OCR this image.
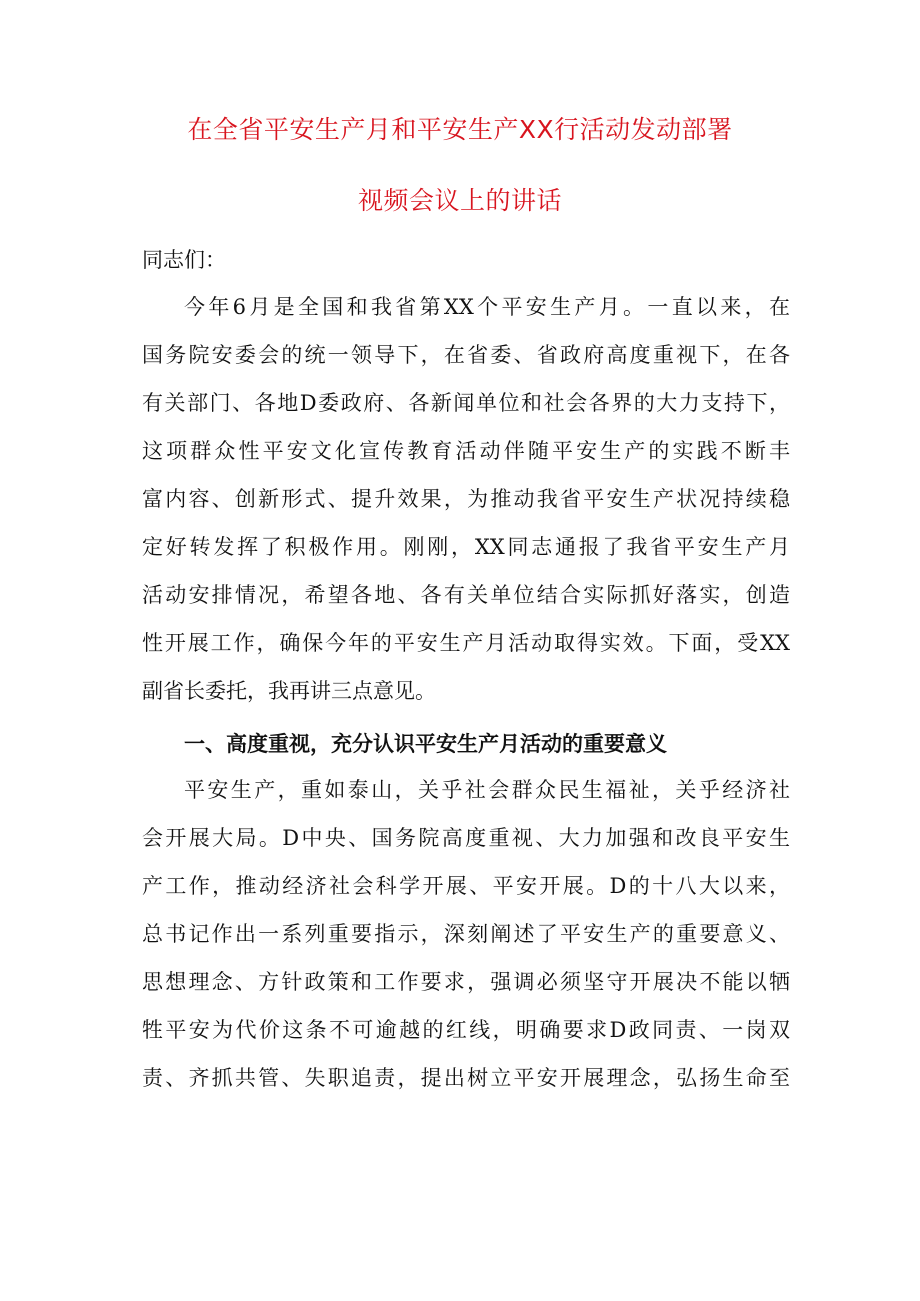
在全省平安生产月和平安生产XX行活动发动部署
视频会议上的讲话
同志们：
今年6月是全国和我省第XX个平安生产月。一直以来，在
国务院安委会的统一领导下，在省委、省政府高度重视下，在各
有关部门、各地D委政府、各新闻单位和社会各界的大力支持下，
这项群众性平安文化宣传教育活动伴随平安生产的实践不断丰
富内容、创新形式、提升效果，为推动我省平安生产状况持续稳
定好转发挥了积极作用。刚刚，XX同志通报了我省平安生产月
活动安排情况，希望各地、各有关单位结合实际抓好落实，创造
性开展工作，确保今年的平安生产月活动取得实效。下面，受XX
副省长委托，我再讲三点意见。
一、高度重视，充分认识平安生产月活动的重要意义
平安生产，重如泰山，关乎社会群众民生福祉，关乎经济社
会开展大局。D中央、国务院高度重视、大力加强和改良平安生
产工作，推动经济社会科学开展、平安开展。D的十八大以来，
总书记作出一系列重要指示，深刻阐述了平安生产的重要意义、
思想理念、方针政策和工作要求，强调必须坚守开展决不能以牺
牲平安为代价这条不可逾越的红线，明确要求D政同责、一岗双
责、齐抓共管、失职追责，提出树立平安开展理念，弘扬生命至
